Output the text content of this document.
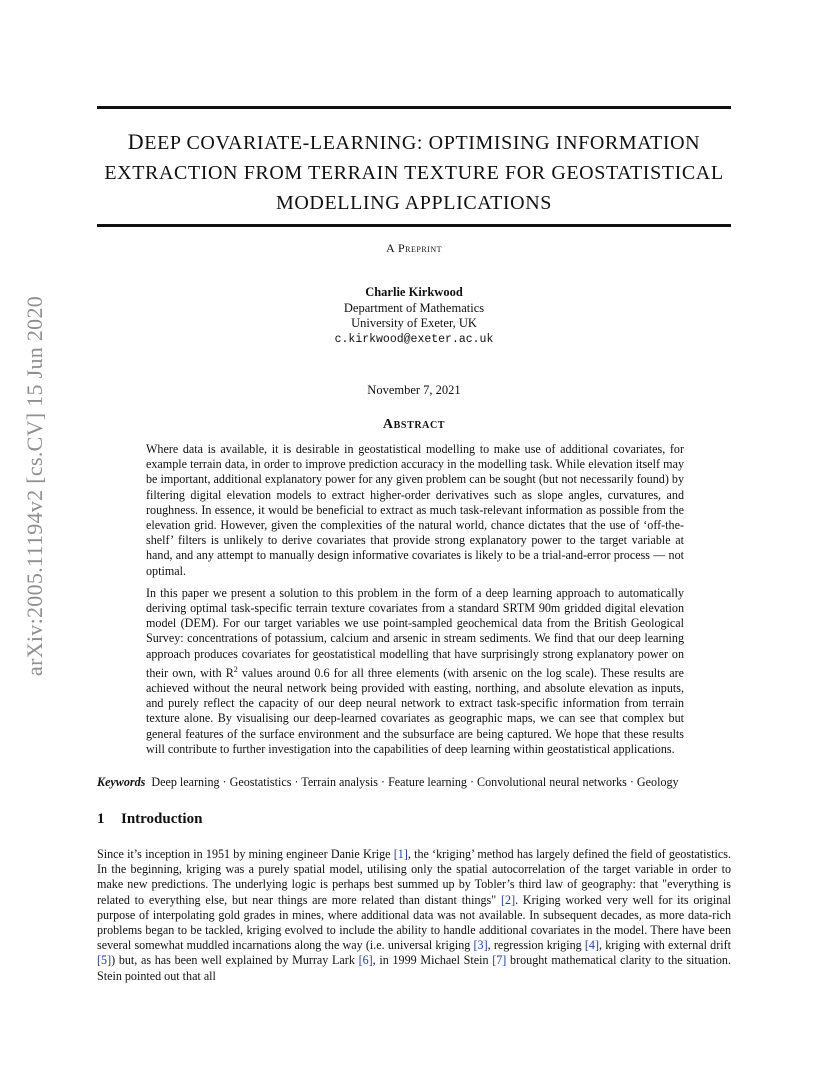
arXiv:2005.11194v2 [cs.CV] 15 Jun 2020
DEEP COVARIATE-LEARNING: OPTIMISING INFORMATION
EXTRACTION FROM TERRAIN TEXTURE FOR GEOSTATISTICAL
MODELLING APPLICATIONS
A Preprint
Charlie Kirkwood
Department of Mathematics
University of Exeter, UK
c.kirkwood@exeter.ac.uk
November 7, 2021
Abstract

Where data is available, it is desirable in geostatistical modelling to make use of additional covariates, for example terrain data, in order to improve prediction accuracy in the modelling task. While elevation itself may be important, additional explanatory power for any given problem can be sought (but not necessarily found) by filtering digital elevation models to extract higher-order derivatives such as slope angles, curvatures, and roughness. In essence, it would be beneficial to extract as much task-relevant information as possible from the elevation grid. However, given the complexities of the natural world, chance dictates that the use of ‘off-the-shelf’ filters is unlikely to derive covariates that provide strong explanatory power to the target variable at hand, and any attempt to manually design informative covariates is likely to be a trial-and-error process — not optimal.

In this paper we present a solution to this problem in the form of a deep learning approach to automatically deriving optimal task-specific terrain texture covariates from a standard SRTM 90m gridded digital elevation model (DEM). For our target variables we use point-sampled geochemical data from the British Geological Survey: concentrations of potassium, calcium and arsenic in stream sediments. We find that our deep learning approach produces covariates for geostatistical modelling that have surprisingly strong explanatory power on their own, with $R^2$ values around 0.6 for all three elements (with arsenic on the log scale). These results are achieved without the neural network being provided with easting, northing, and absolute elevation as inputs, and purely reflect the capacity of our deep neural network to extract task-specific information from terrain texture alone. By visualising our deep-learned covariates as geographic maps, we can see that complex but general features of the surface environment and the subsurface are being captured. We hope that these results will contribute to further investigation into the capabilities of deep learning within geostatistical applications.

Keywords Deep learning · Geostatistics · Terrain analysis · Feature learning · Convolutional neural networks · Geology
1 Introduction
Since it’s inception in 1951 by mining engineer Danie Krige [1], the ‘kriging’ method has largely defined the field of geostatistics. In the beginning, kriging was a purely spatial model, utilising only the spatial autocorrelation of the target variable in order to make new predictions. The underlying logic is perhaps best summed up by Tobler’s third law of geography: that "everything is related to everything else, but near things are more related than distant things" [2]. Kriging worked very well for its original purpose of interpolating gold grades in mines, where additional data was not available. In subsequent decades, as more data-rich problems began to be tackled, kriging evolved to include the ability to handle additional covariates in the model. There have been several somewhat muddled incarnations along the way (i.e. universal kriging [3], regression kriging [4], kriging with external drift [5]) but, as has been well explained by Murray Lark [6], in 1999 Michael Stein [7] brought mathematical clarity to the situation. Stein pointed out that all
